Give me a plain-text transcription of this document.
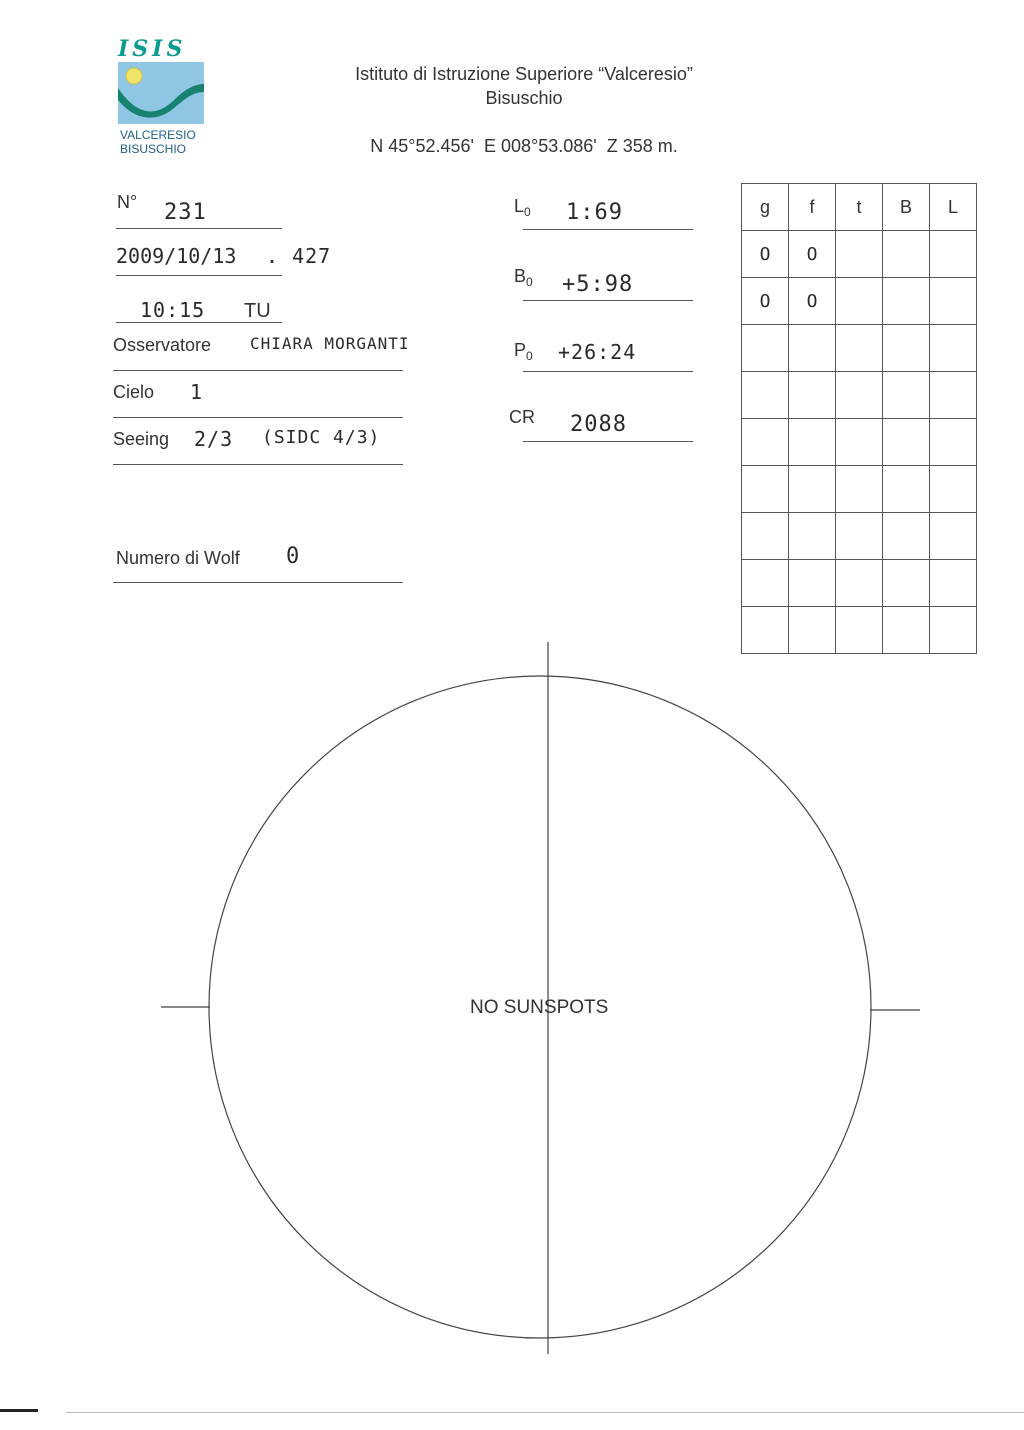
ISIS
VALCERESIO
BISUSCHIO
Istituto di Istruzione Superiore “Valceresio”
Bisuschio
N 45°52.456'  E 008°53.086'  Z 358 m.
N° 231
2009/10/13 . 427
10:15 TU
Osservatore CHIARA MORGANTI
Cielo 1
Seeing 2/3 (SIDC 4/3)
Numero di Wolf 0
$L_0$ 1:69
$B_0$ +5:98
$P_0$ +26:24
CR 2088
g	f	t	B	L
O	O			
O	O			

NO SUNSPOTS
